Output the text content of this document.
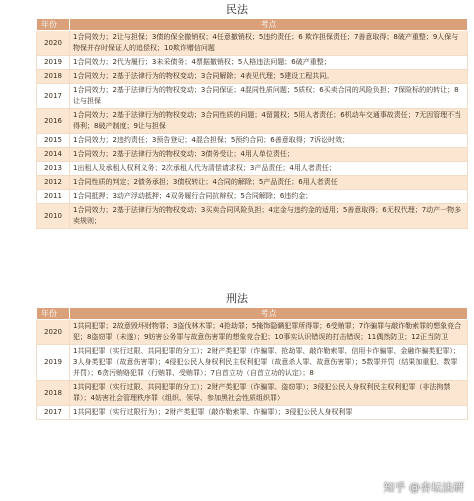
民法
年份	考点
2020	1合同效力；2让与担保；3债的保全撤销权；4任意撤销权；5违约责任；6 欺诈担保责任；7善意取得；8破产重整；9人保与物保并存时保证人的追偿权；10欺诈赠信问题
2019	1合同效力；2代为履行；3未采债务；4票据撤销权；5人格违法问题；6破产重整；
2018	1合同效力；2基于法律行为的物权变动；3合同解除；4表见代理；5建设工程共同。
2017	1合同效力；2基于法律行为的物权变动；3合同保证；4混同性质问题；5质权；6买卖合同的风险负担；7保险标的的转让；8让与担保
2016	1合同效力；2基于法律行为的物权变动；3合同性质的问题；4留置权；5用人者责任；6机动车交通事故责任；7无因管理不当得利；8破产制度；9让与担保
2015	1合同效力；2违约责任；3预告登记；4混合担保；5预约合同；6善意取得；7诉讼时效；
2014	1合同效力；2基于法律行为的物权变动；3债务受让；4用人单位责任；
2013	1出租人及承租人权利义务；2次承租人代为清偿请求权；3产品责任；4用人者责任；
2012	1合同性质的判定；2债务承担；3债权转让；4合同的解除；5产品责任；6用人者责任
2011	1合同抵押；3动产浮动抵押；4双务履行合同抗辩权；5合同解除；6违约金；
2010	1合同效力；2基于法律行为的物权变动；3买卖合同风险负担；4定金与违约金的适用；5善意取得；6无权代理；7动产一物多卖规则；
刑法
年份	考点
2020	1共同犯罪；2故意毁坏财物罪；3盗伐林木罪；4抢劫罪；5掩饰隐瞒犯罪所得罪；6受贿罪；7诈骗罪与敲诈勒索罪的想象竞合犯；8盗窃罪（未遂）；9妨害公务罪与故意伤害罪的想象竞合犯；10事实认识错误的打击错误；11偶然防卫；12正当防卫
2019	1共同犯罪（实行过限、共同犯罪的分工）；2财产类犯罪（诈骗罪、抢劫罪、敲诈勒索罪、信用卡诈骗罪、金融诈骗类犯罪）；3人身类犯罪（故意伤害罪）；4侵犯公民人身权利民主权利犯罪（故意杀人罪、故意伤害罪）；5数罪并罚（结果加重犯、数罪并罚）；6贪污贿赂犯罪（行贿罪、受贿罪）；7自首立功（自首立功的认定）；8
2018	1共同犯罪（实行过限、共同犯罪的分工）；2财产类犯罪（诈骗罪、盗窃罪）；3侵犯公民人身权利民主权利犯罪（非法拘禁罪）；4妨害社会管理秩序罪（组织、领导、参加黑社会性质组织罪）
2017	1共同犯罪（实行过限行为）；2财产类犯罪（敲诈勒索罪、诈骗罪）；3侵犯公民人身权利罪
知乎 @杏坛法研
